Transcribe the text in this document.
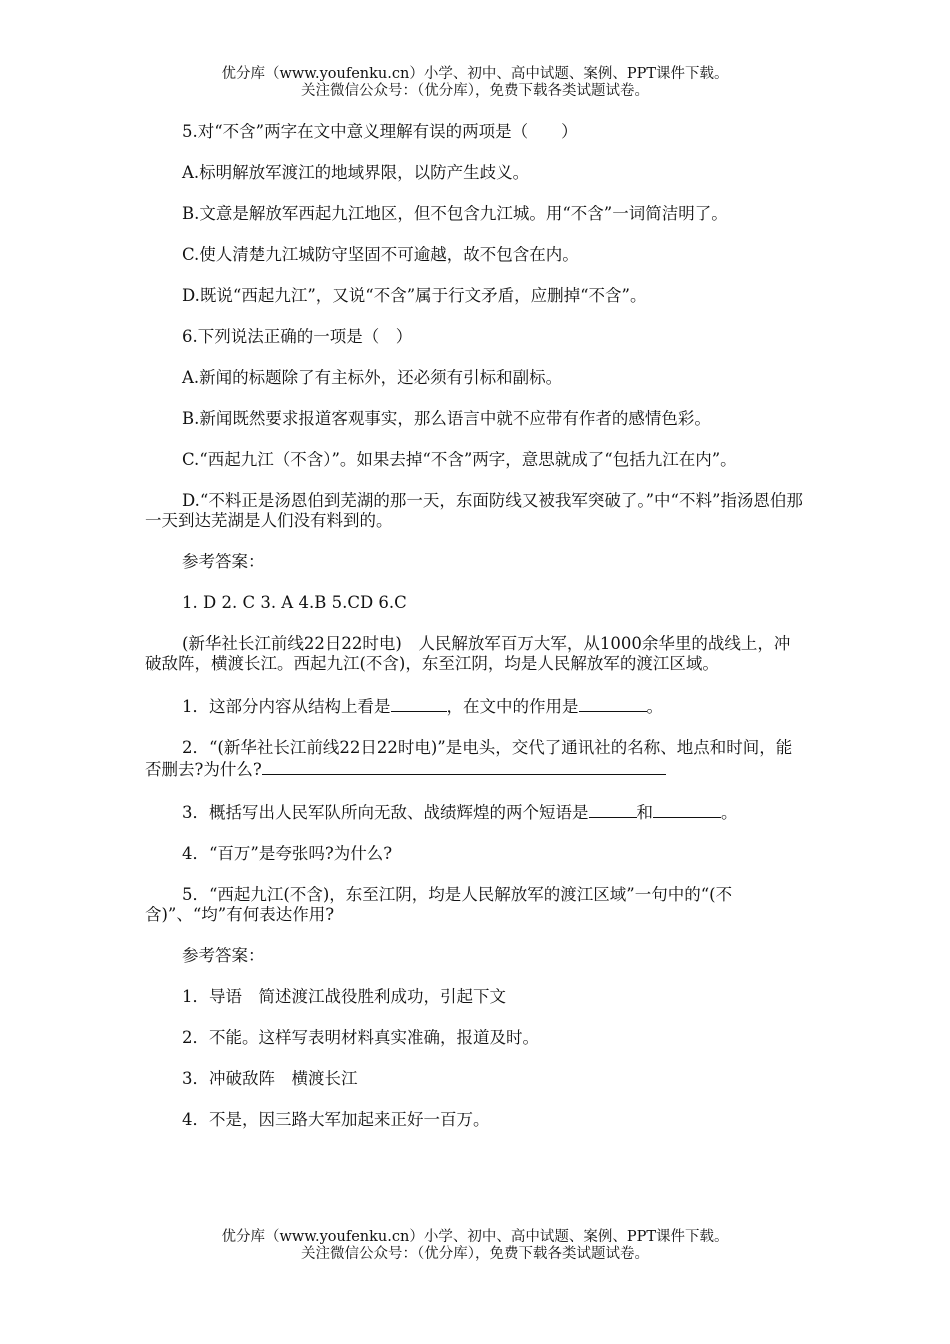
优分库（www.youfenku.cn）小学、初中、高中试题、案例、PPT课件下载。
关注微信公众号：（优分库），免费下载各类试题试卷。

5.对“不含”两字在文中意义理解有误的两项是（　　）

A.标明解放军渡江的地域界限，以防产生歧义。

B.文意是解放军西起九江地区，但不包含九江城。用“不含”一词简洁明了。

C.使人清楚九江城防守坚固不可逾越，故不包含在内。

D.既说“西起九江”，又说“不含”属于行文矛盾，应删掉“不含”。

6.下列说法正确的一项是（　）

A.新闻的标题除了有主标外，还必须有引标和副标。

B.新闻既然要求报道客观事实，那么语言中就不应带有作者的感情色彩。

C.“西起九江（不含）”。如果去掉“不含”两字，意思就成了“包括九江在内”。

D.“不料正是汤恩伯到芜湖的那一天，东面防线又被我军突破了。”中“不料”指汤恩伯那一天到达芜湖是人们没有料到的。

参考答案：

1. D 2. C 3. A 4.B 5.CD 6.C

(新华社长江前线22日22时电)　人民解放军百万大军，从1000余华里的战线上，冲破敌阵，横渡长江。西起九江(不含)，东至江阴，均是人民解放军的渡江区域。

1．这部分内容从结构上看是	，在文中的作用是	。

2．“(新华社长江前线22日22时电)”是电头，交代了通讯社的名称、地点和时间，能否删去?为什么?

3．概括写出人民军队所向无敌、战绩辉煌的两个短语是	和	。

4．“百万”是夸张吗?为什么?

5．“西起九江(不含)，东至江阴，均是人民解放军的渡江区域”一句中的“(不含)”、“均”有何表达作用?

参考答案：

1．导语　简述渡江战役胜利成功，引起下文

2．不能。这样写表明材料真实准确，报道及时。

3．冲破敌阵　横渡长江

4．不是，因三路大军加起来正好一百万。

优分库（www.youfenku.cn）小学、初中、高中试题、案例、PPT课件下载。
关注微信公众号：（优分库），免费下载各类试题试卷。
